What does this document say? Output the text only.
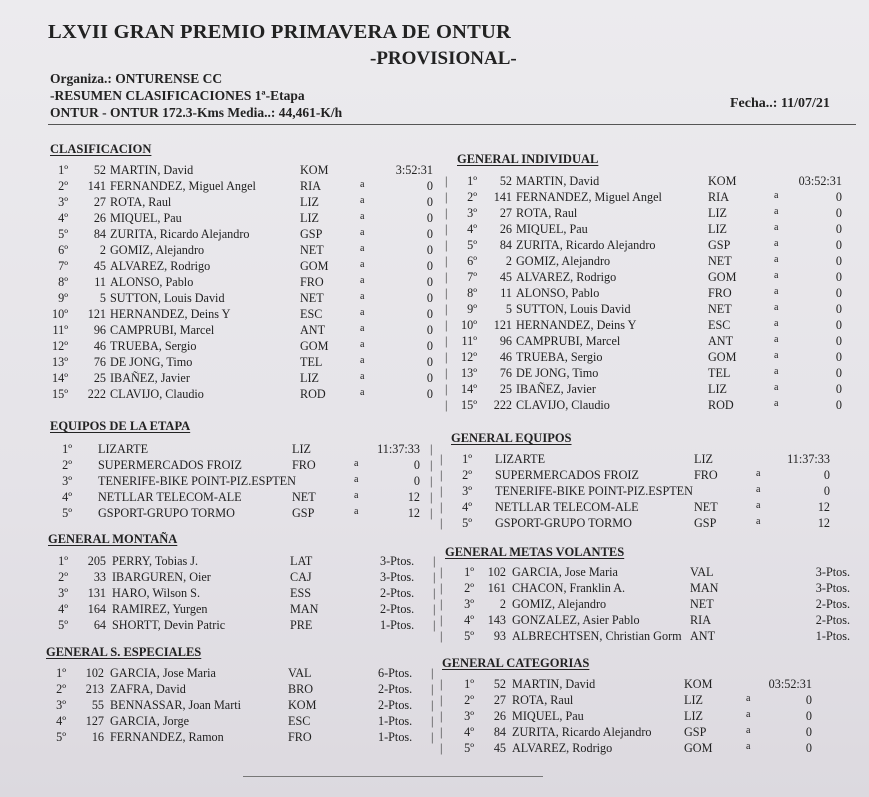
LXVII GRAN PREMIO PRIMAVERA DE ONTUR
-PROVISIONAL-
Organiza.: ONTURENSE CC
-RESUMEN CLASIFICACIONES 1ª-Etapa
ONTUR - ONTUR 172.3-Kms Media..: 44,461-K/h
Fecha..: 11/07/21
CLASIFICACION
EQUIPOS DE LA ETAPA
GENERAL MONTAÑA
GENERAL S. ESPECIALES
GENERAL INDIVIDUAL
GENERAL EQUIPOS
GENERAL METAS VOLANTES
GENERAL CATEGORIAS
1º	52 MARTIN, David	KOM	3:52:31
2º	141 FERNANDEZ, Miguel Angel	RIA	a	0
3º	27 ROTA, Raul	LIZ	a	0
4º	26 MIQUEL, Pau	LIZ	a	0
5º	84 ZURITA, Ricardo Alejandro	GSP	a	0
6º	2 GOMIZ, Alejandro	NET	a	0
7º	45 ALVAREZ, Rodrigo	GOM	a	0
8º	11 ALONSO, Pablo	FRO	a	0
9º	5 SUTTON, Louis David	NET	a	0
10º	121 HERNANDEZ, Deins Y	ESC	a	0
11º	96 CAMPRUBI, Marcel	ANT	a	0
12º	46 TRUEBA, Sergio	GOM	a	0
13º	76 DE JONG, Timo	TEL	a	0
14º	25 IBAÑEZ, Javier	LIZ	a	0
15º	222 CLAVIJO, Claudio	ROD	a	0
|	1º	52 MARTIN, David	KOM	03:52:31
|	2º	141 FERNANDEZ, Miguel Angel	RIA	a	0
|	3º	27 ROTA, Raul	LIZ	a	0
|	4º	26 MIQUEL, Pau	LIZ	a	0
|	5º	84 ZURITA, Ricardo Alejandro	GSP	a	0
|	6º	2 GOMIZ, Alejandro	NET	a	0
|	7º	45 ALVAREZ, Rodrigo	GOM	a	0
|	8º	11 ALONSO, Pablo	FRO	a	0
|	9º	5 SUTTON, Louis David	NET	a	0
|	10º	121 HERNANDEZ, Deins Y	ESC	a	0
|	11º	96 CAMPRUBI, Marcel	ANT	a	0
|	12º	46 TRUEBA, Sergio	GOM	a	0
|	13º	76 DE JONG, Timo	TEL	a	0
|	14º	25 IBAÑEZ, Javier	LIZ	a	0
|	15º	222 CLAVIJO, Claudio	ROD	a	0
|
1º LIZARTE	LIZ	11:37:33
|
2º SUPERMERCADOS FROIZ	FRO	a	0
|
3º TENERIFE-BIKE POINT-PIZ.ESPTEN	a	0
|
4º NETLLAR TELECOM-ALE	NET	a	12
|
5º GSPORT-GRUPO TORMO	GSP	a	12
|	1º LIZARTE	LIZ	11:37:33
|	2º SUPERMERCADOS FROIZ	FRO	a	0
|	3º TENERIFE-BIKE POINT-PIZ.ESPTEN	a	0
|	4º NETLLAR TELECOM-ALE	NET	a	12
|	5º GSPORT-GRUPO TORMO	GSP	a	12
|
1º	205 PERRY, Tobias J.	LAT	3-Ptos.
|
2º	33 IBARGUREN, Oier	CAJ	3-Ptos.
|
3º	131 HARO, Wilson S.	ESS	2-Ptos.
|
4º	164 RAMIREZ, Yurgen	MAN	2-Ptos.
|
5º	64 SHORTT, Devin Patric	PRE	1-Ptos.
|	1º	102 GARCIA, Jose Maria	VAL	3-Ptos.
|	2º	161 CHACON, Franklin A.	MAN	3-Ptos.
|	3º	2 GOMIZ, Alejandro	NET	2-Ptos.
|	4º	143 GONZALEZ, Asier Pablo	RIA	2-Ptos.
|	5º	93 ALBRECHTSEN, Christian Gorm ANT	1-Ptos.
|
1º	102 GARCIA, Jose Maria	VAL	6-Ptos.
|
2º	213 ZAFRA, David	BRO	2-Ptos.
|
3º	55 BENNASSAR, Joan Marti	KOM	2-Ptos.
|
4º	127 GARCIA, Jorge	ESC	1-Ptos.
|
5º	16 FERNANDEZ, Ramon	FRO	1-Ptos.
|	1º	52 MARTIN, David	KOM	03:52:31
|	2º	27 ROTA, Raul	LIZ	a	0
|	3º	26 MIQUEL, Pau	LIZ	a	0
|	4º	84 ZURITA, Ricardo Alejandro	GSP	a	0
|	5º	45 ALVAREZ, Rodrigo	GOM	a	0
